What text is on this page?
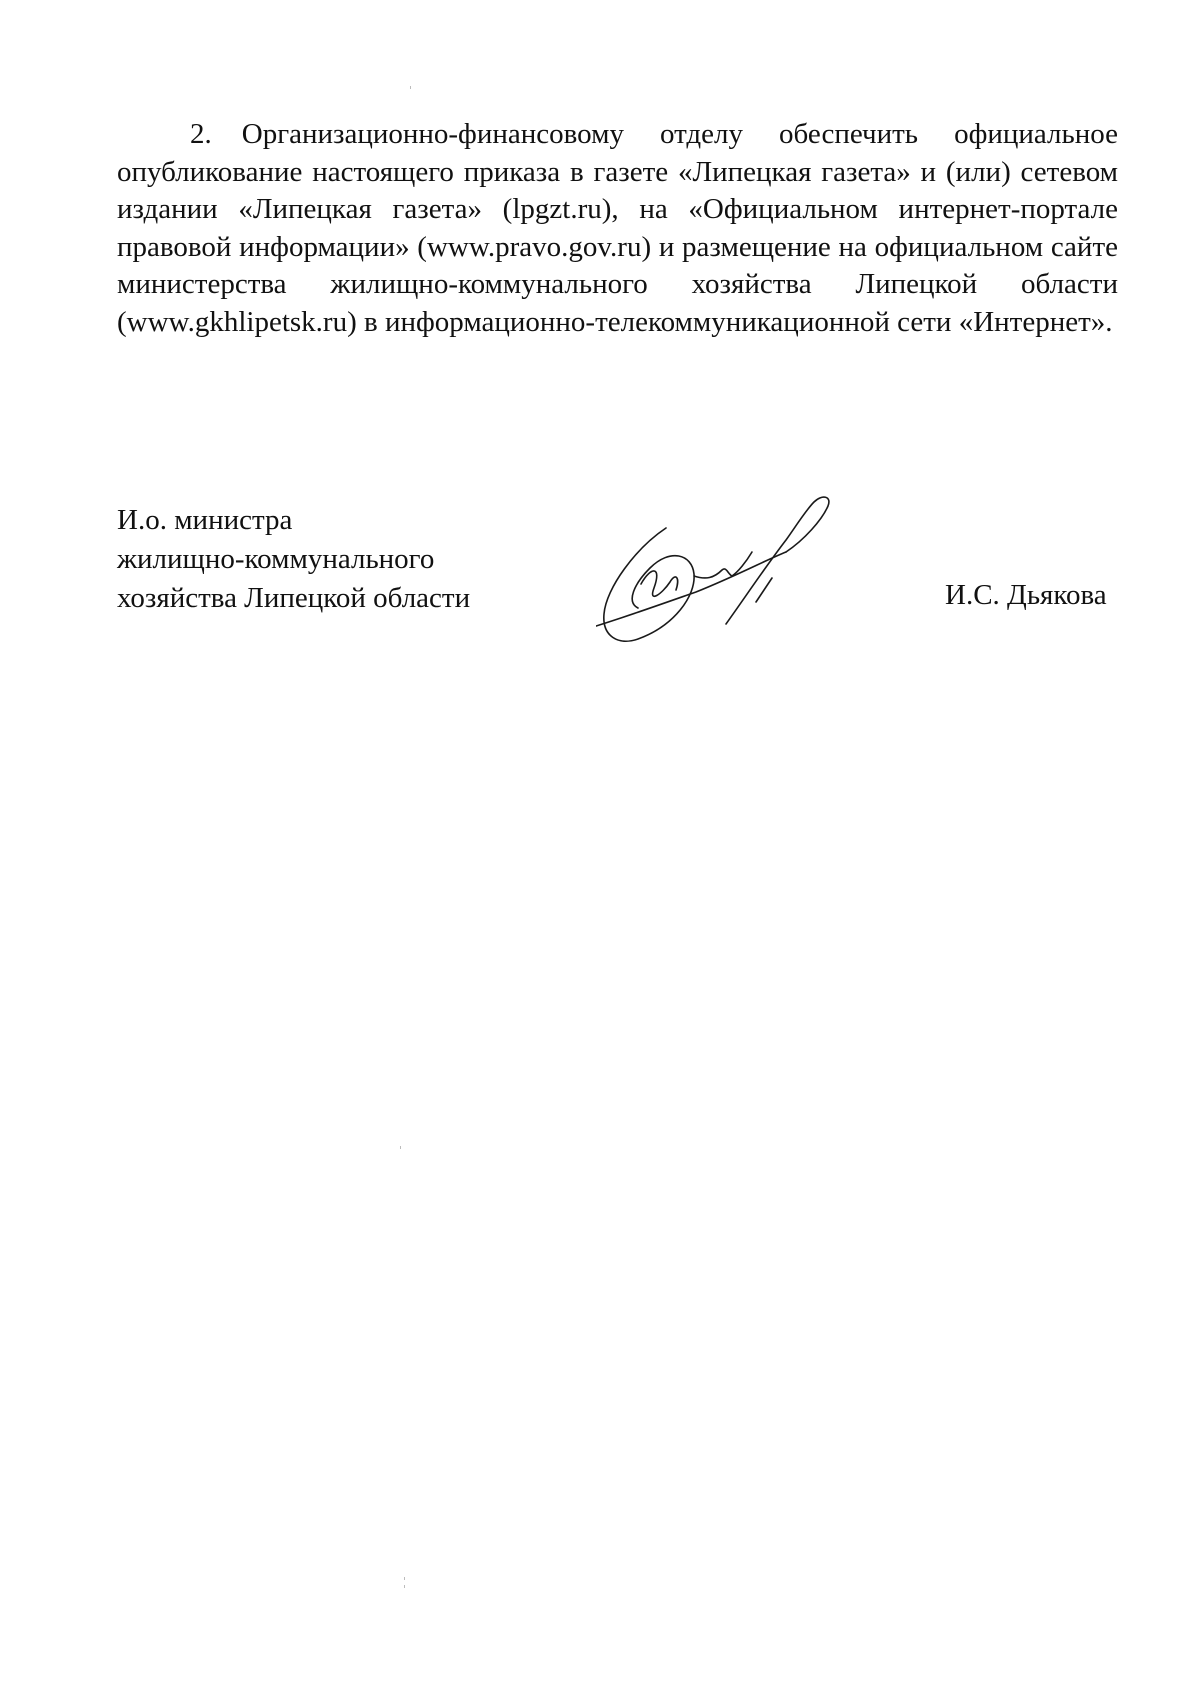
2. Организационно-финансовому отделу обеспечить официальное
опубликование настоящего приказа в газете «Липецкая газета» и (или) сетевом
издании «Липецкая газета» (lpgzt.ru), на «Официальном интернет-портале
правовой информации» (www.pravo.gov.ru) и размещение на официальном сайте
министерства жилищно-коммунального хозяйства Липецкой области
(www.gkhlipetsk.ru) в информационно-телекоммуникационной сети «Интернет».
И.о. министра
жилищно-коммунального
хозяйства Липецкой области	И.С. Дьякова
